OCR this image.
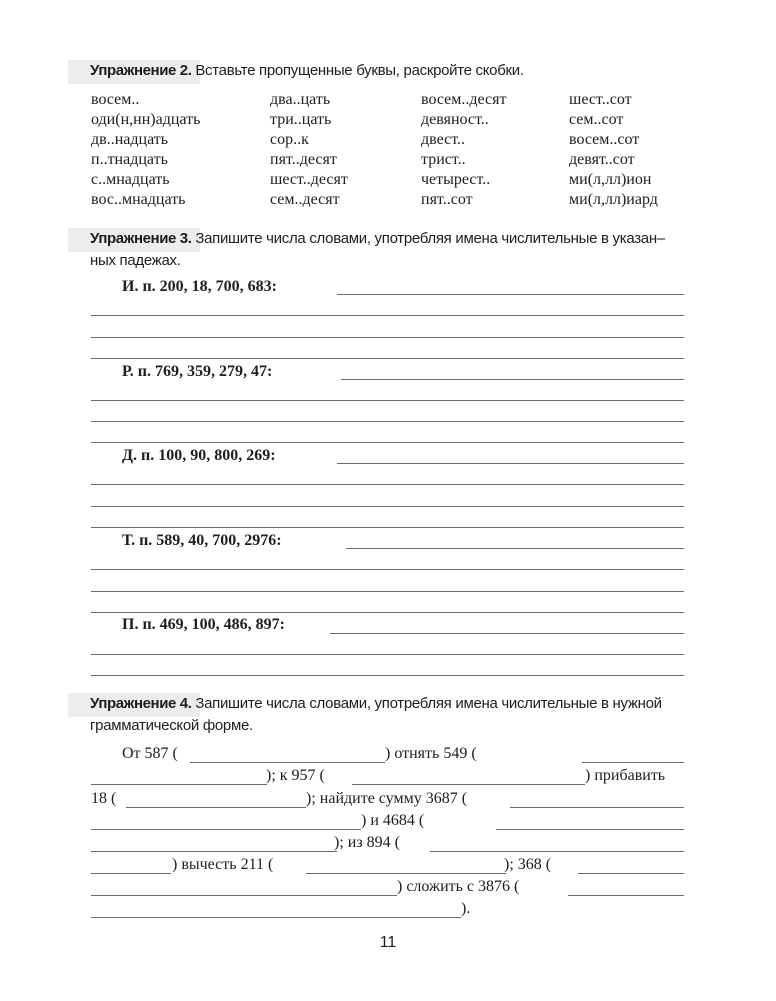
Упражнение 2. Вставьте пропущенные буквы, раскройте скобки.
восем..	два..цать	восем..десят	шест..сот
оди(н,нн)адцать	три..цать	девяност..	сем..сот
дв..надцать	сор..к	двест..	восем..сот
п..тнадцать	пят..десят	трист..	девят..сот
с..мнадцать	шест..десят	четырест..	ми(л,лл)ион
вос..мнадцать	сем..десят	пят..сот	ми(л,лл)иард
Упражнение 3. Запишите числа словами, употребляя имена числительные в указан–
ных падежах.
И. п. 200, 18, 700, 683:
Р. п. 769, 359, 279, 47:
Д. п. 100, 90, 800, 269:
Т. п. 589, 40, 700, 2976:
П. п. 469, 100, 486, 897:
Упражнение 4. Запишите числа словами, употребляя имена числительные в нужной
грамматической форме.
От 587 (	) отнять 549 (
); к 957 (	) прибавить
18 (	); найдите сумму 3687 (
) и 4684 (
); из 894 (
) вычесть 211 (	); 368 (
) сложить с 3876 (
).
11
